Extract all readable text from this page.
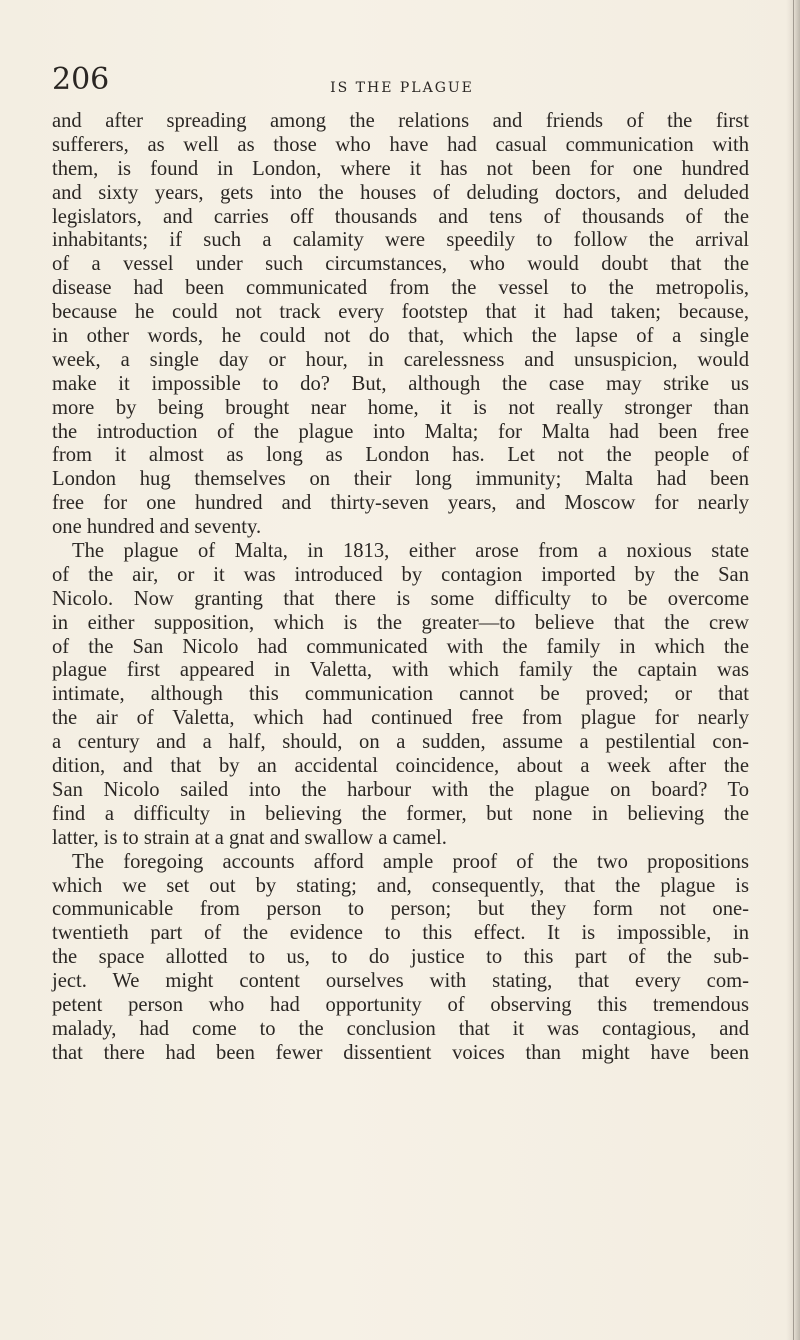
206	IS THE PLAGUE
and after spreading among the relations and friends of the first
sufferers, as well as those who have had casual communication with
them, is found in London, where it has not been for one hundred
and sixty years, gets into the houses of deluding doctors, and deluded
legislators, and carries off thousands and tens of thousands of the
inhabitants; if such a calamity were speedily to follow the arrival
of a vessel under such circumstances, who would doubt that the
disease had been communicated from the vessel to the metropolis,
because he could not track every footstep that it had taken; because,
in other words, he could not do that, which the lapse of a single
week, a single day or hour, in carelessness and unsuspicion, would
make it impossible to do? But, although the case may strike us
more by being brought near home, it is not really stronger than
the introduction of the plague into Malta; for Malta had been free
from it almost as long as London has. Let not the people of
London hug themselves on their long immunity; Malta had been
free for one hundred and thirty-seven years, and Moscow for nearly
one hundred and seventy.
The plague of Malta, in 1813, either arose from a noxious state
of the air, or it was introduced by contagion imported by the San
Nicolo. Now granting that there is some difficulty to be overcome
in either supposition, which is the greater—to believe that the crew
of the San Nicolo had communicated with the family in which the
plague first appeared in Valetta, with which family the captain was
intimate, although this communication cannot be proved; or that
the air of Valetta, which had continued free from plague for nearly
a century and a half, should, on a sudden, assume a pestilential con-
dition, and that by an accidental coincidence, about a week after the
San Nicolo sailed into the harbour with the plague on board? To
find a difficulty in believing the former, but none in believing the
latter, is to strain at a gnat and swallow a camel.
The foregoing accounts afford ample proof of the two propositions
which we set out by stating; and, consequently, that the plague is
communicable from person to person; but they form not one-
twentieth part of the evidence to this effect. It is impossible, in
the space allotted to us, to do justice to this part of the sub-
ject. We might content ourselves with stating, that every com-
petent person who had opportunity of observing this tremendous
malady, had come to the conclusion that it was contagious, and
that there had been fewer dissentient voices than might have been
